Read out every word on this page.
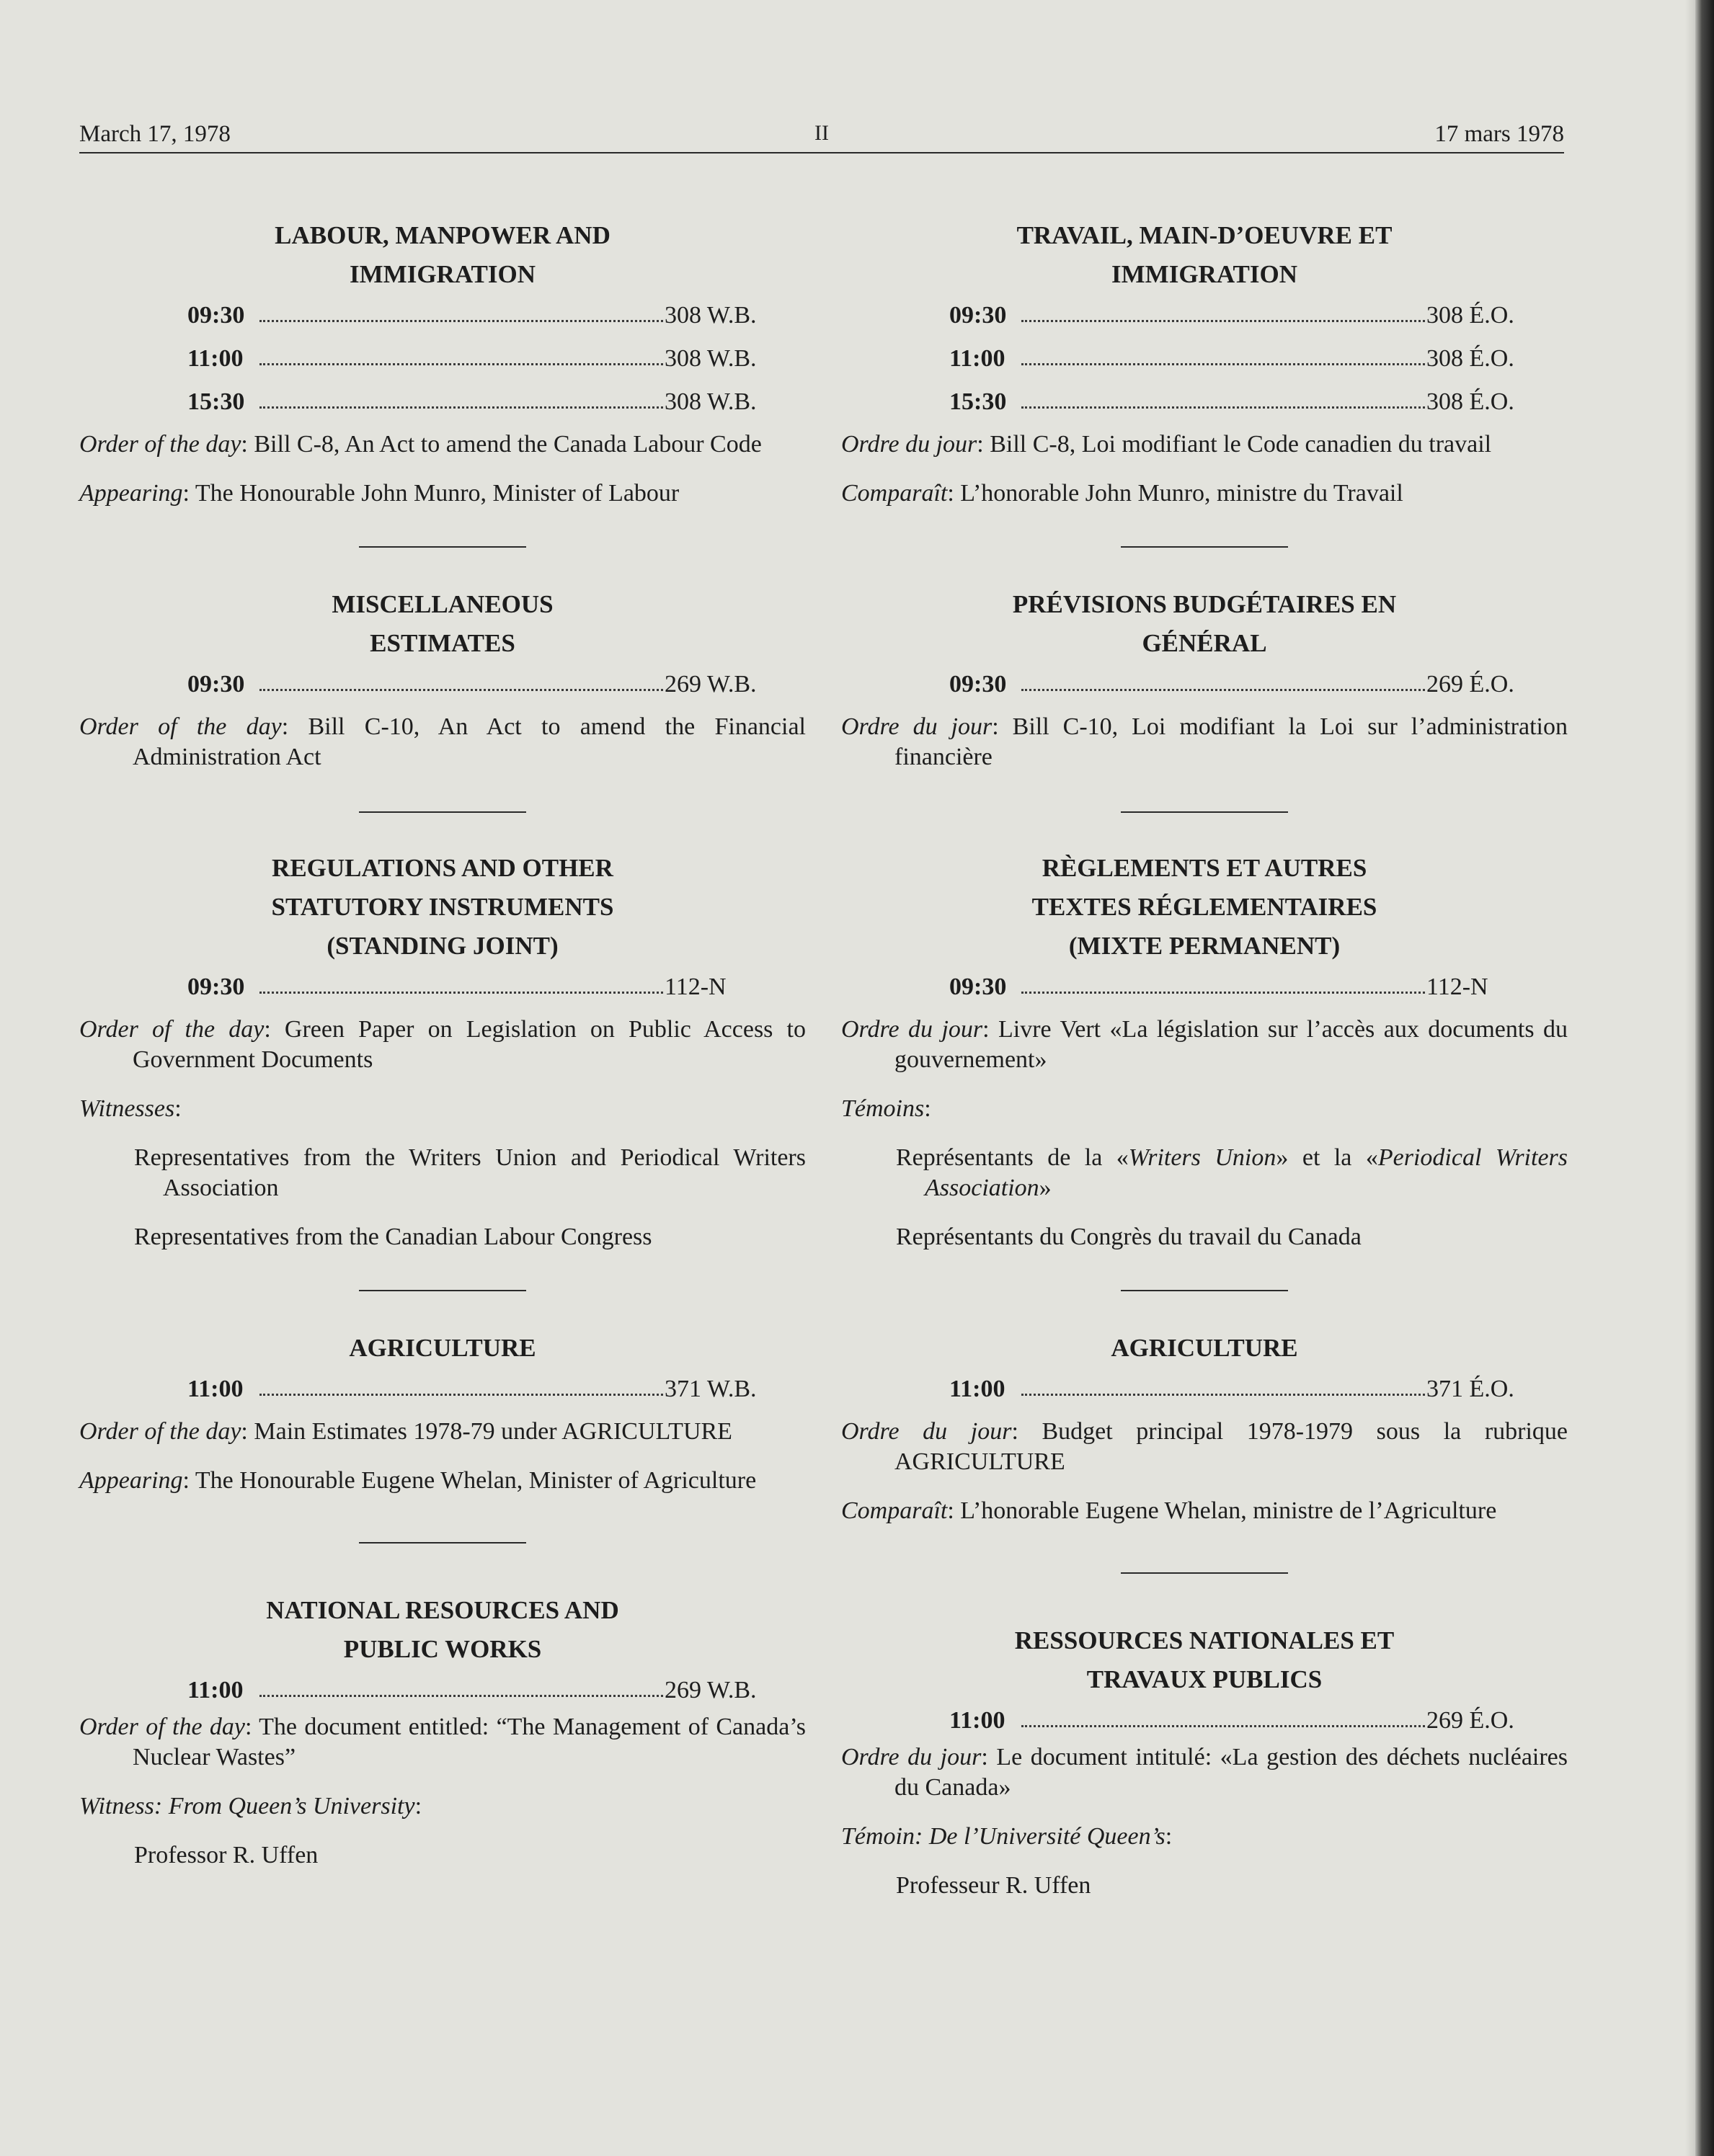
March 17, 1978	II	17 mars 1978

LABOUR, MANPOWER AND
IMMIGRATION

09:30	308 W.B.
11:00	308 W.B.
15:30	308 W.B.

Order of the day: Bill C-8, An Act to amend the Canada Labour Code

Appearing: The Honourable John Munro, Minister of Labour

MISCELLANEOUS
ESTIMATES

09:30	269 W.B.

Order of the day: Bill C-10, An Act to amend the Financial Administration Act

REGULATIONS AND OTHER
STATUTORY INSTRUMENTS
(STANDING JOINT)

09:30	112-N

Order of the day: Green Paper on Legislation on Public Access to Government Documents

Witnesses:

Representatives from the Writers Union and Periodical Writers Association

Representatives from the Canadian Labour Congress

AGRICULTURE

11:00	371 W.B.

Order of the day: Main Estimates 1978-79 under AGRICULTURE

Appearing: The Honourable Eugene Whelan, Minister of Agriculture

NATIONAL RESOURCES AND
PUBLIC WORKS

11:00	269 W.B.

Order of the day: The document entitled: “The Management of Canada’s Nuclear Wastes”

Witness: From Queen’s University:

Professor R. Uffen

TRAVAIL, MAIN-D’OEUVRE ET
IMMIGRATION

09:30	308 É.O.
11:00	308 É.O.
15:30	308 É.O.

Ordre du jour: Bill C-8, Loi modifiant le Code canadien du travail

Comparaît: L’honorable John Munro, ministre du Travail

PRÉVISIONS BUDGÉTAIRES EN
GÉNÉRAL

09:30	269 É.O.

Ordre du jour: Bill C-10, Loi modifiant la Loi sur l’administration financière

RÈGLEMENTS ET AUTRES
TEXTES RÉGLEMENTAIRES
(MIXTE PERMANENT)

09:30	112-N

Ordre du jour: Livre Vert «La législation sur l’accès aux documents du gouvernement»

Témoins:

Représentants de la «Writers Union» et la «Periodical Writers Association»

Représentants du Congrès du travail du Canada

AGRICULTURE

11:00	371 É.O.

Ordre du jour: Budget principal 1978-1979 sous la rubrique AGRICULTURE

Comparaît: L’honorable Eugene Whelan, ministre de l’Agriculture

RESSOURCES NATIONALES ET
TRAVAUX PUBLICS

11:00	269 É.O.

Ordre du jour: Le document intitulé: «La gestion des déchets nucléaires du Canada»

Témoin: De l’Université Queen’s:

Professeur R. Uffen
